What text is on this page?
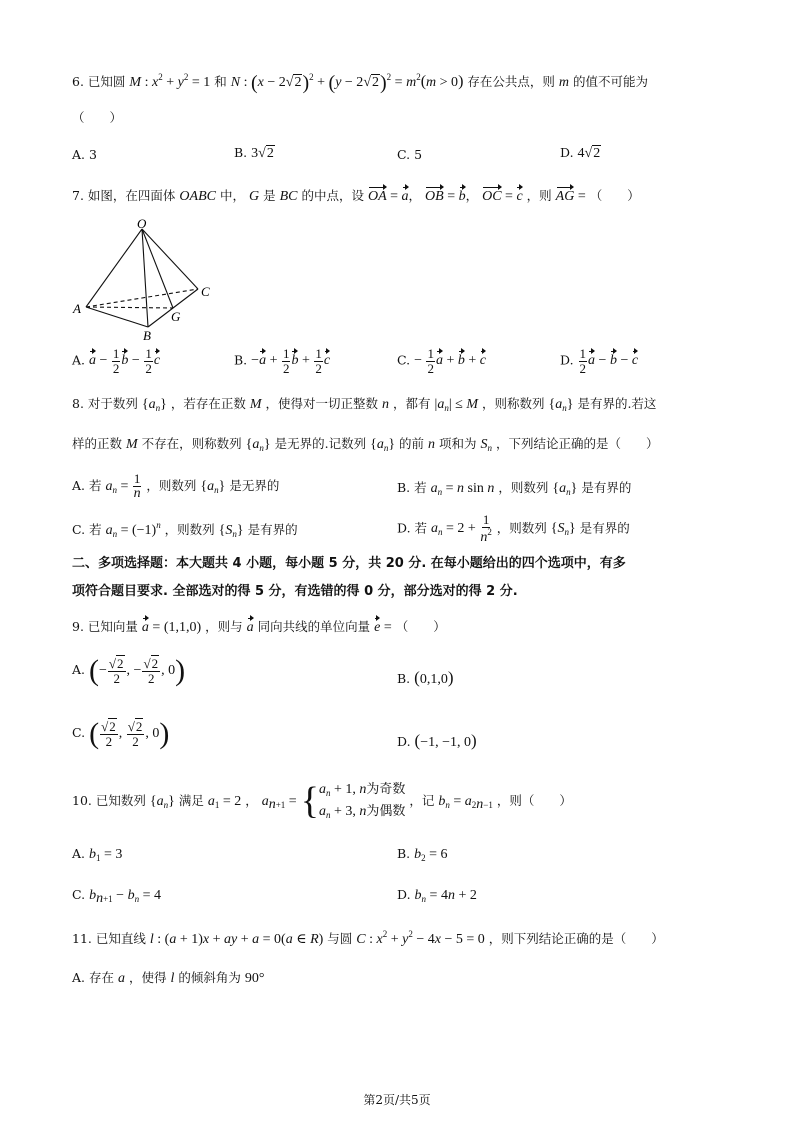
6. 已知圆 M : $x^2 + y^2 = 1$ 和 N : $(x - 2√2)^2 + (y - 2√2)^2 = m^2(m > 0)$ 存在公共点，则 m 的值不可能为
（　　）
A. 3	B. 3√2	C. 5	D. 4√2
7. 如图，在四面体 OABC 中， G 是 BC 的中点，设 OA = a， OB = b， OC = c ，则 AG = （　　）
O
A
B
C
G
A. $a - \frac{1}{2}$ $b - \frac{1}{2}$ c	B. $-a + \frac{1}{2}$ $b + \frac{1}{2}$ c	C. − $\frac{1}{2}$ a + b + c	D. $\frac{1}{2}$ a − b − c
8. 对于数列 $\{a_n\}$ ，若存在正数 M ，使得对一切正整数 n ，都有 $|a_n| \le M$ ，则称数列 $\{a_n\}$ 是有界的.若这
样的正数 M 不存在，则称数列 $\{a_n\}$ 是无界的.记数列 $\{a_n\}$ 的前 n 项和为 $S_n$ ，下列结论正确的是（　　）
A. 若 $a_n = \frac{1}{n}$ ，则数列 $\{a_n\}$ 是无界的	B. 若 $a_n = n$ sin n ，则数列 $\{a_n\}$ 是有界的
C. 若 $a_n = (-1)^n$ ，则数列 $\{S_n\}$ 是有界的	D. 若 $a_n = 2 + \frac{1}{n^2}$ ，则数列 $\{S_n\}$ 是有界的
二、多项选择题：本大题共 4 小题，每小题 5 分，共 20 分. 在每小题给出的四个选项中，有多
项符合题目要求. 全部选对的得 5 分，有选错的得 0 分，部分选对的得 2 分.
9. 已知向量 a = (1,1,0) ，则与 a 同向共线的单位向量 e = （　　）
A. (− $\frac{√2}{2}$ , − $\frac{√2}{2}$ , 0)	B. (0,1,0)
C. ( $\frac{√2}{2}$ , $\frac{√2}{2}$ , 0)	D. (−1, −1, 0)
10. 已知数列 $\{a_n\}$ 满足 $a_1 = 2$ ， $a_{n+1}$ = { $a_n + 1$, n为奇数
$a_n + 3$, n为偶数
，记 $b_n = a_{2n-1}$ ，则（　　）
A. $b_1 = 3$	B. $b_2 = 6$
C. $b_{n+1} - b_n = 4$	D. $b_n = 4n + 2$
11. 已知直线 l : (a + 1)x + ay + a = 0(a ∈ R) 与圆 C : $x^2 + y^2 - 4x - 5 = 0$ ，则下列结论正确的是（　　）
A. 存在 a ，使得 l 的倾斜角为 90°
第2页/共5页
